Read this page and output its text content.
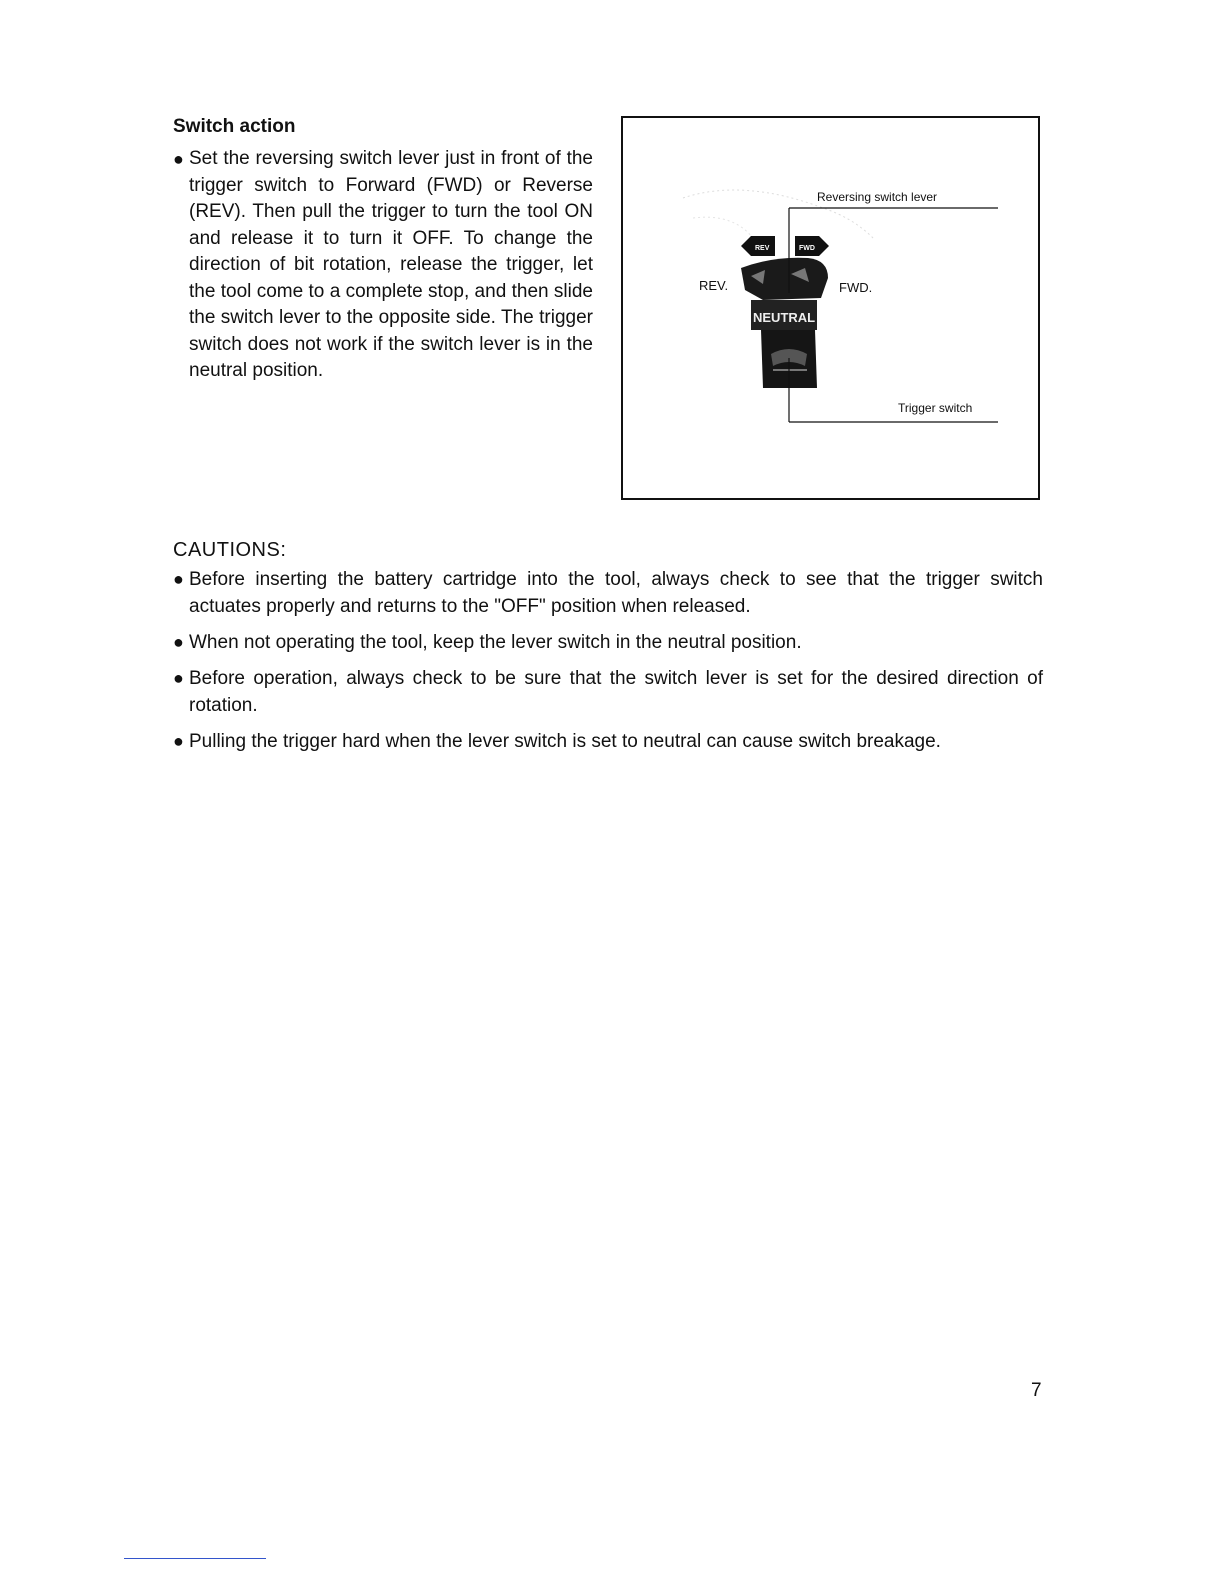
Switch action
● Set the reversing switch lever just in front of the trigger switch to Forward (FWD) or Reverse (REV). Then pull the trigger to turn the tool ON and release it to turn it OFF. To change the direction of bit rotation, release the trigger, let the tool come to a complete stop, and then slide the switch lever to the opposite side. The trigger switch does not work if the switch lever is in the neutral position.
REV	FWD
NEUTRAL
Reversing switch lever
Trigger switch
REV.	FWD.
CAUTIONS:
● Before inserting the battery cartridge into the tool, always check to see that the trigger switch actuates properly and returns to the "OFF" position when released.
● When not operating the tool, keep the lever switch in the neutral position.
● Before operation, always check to be sure that the switch lever is set for the desired direction of rotation.
● Pulling the trigger hard when the lever switch is set to neutral can cause switch breakage.
7
